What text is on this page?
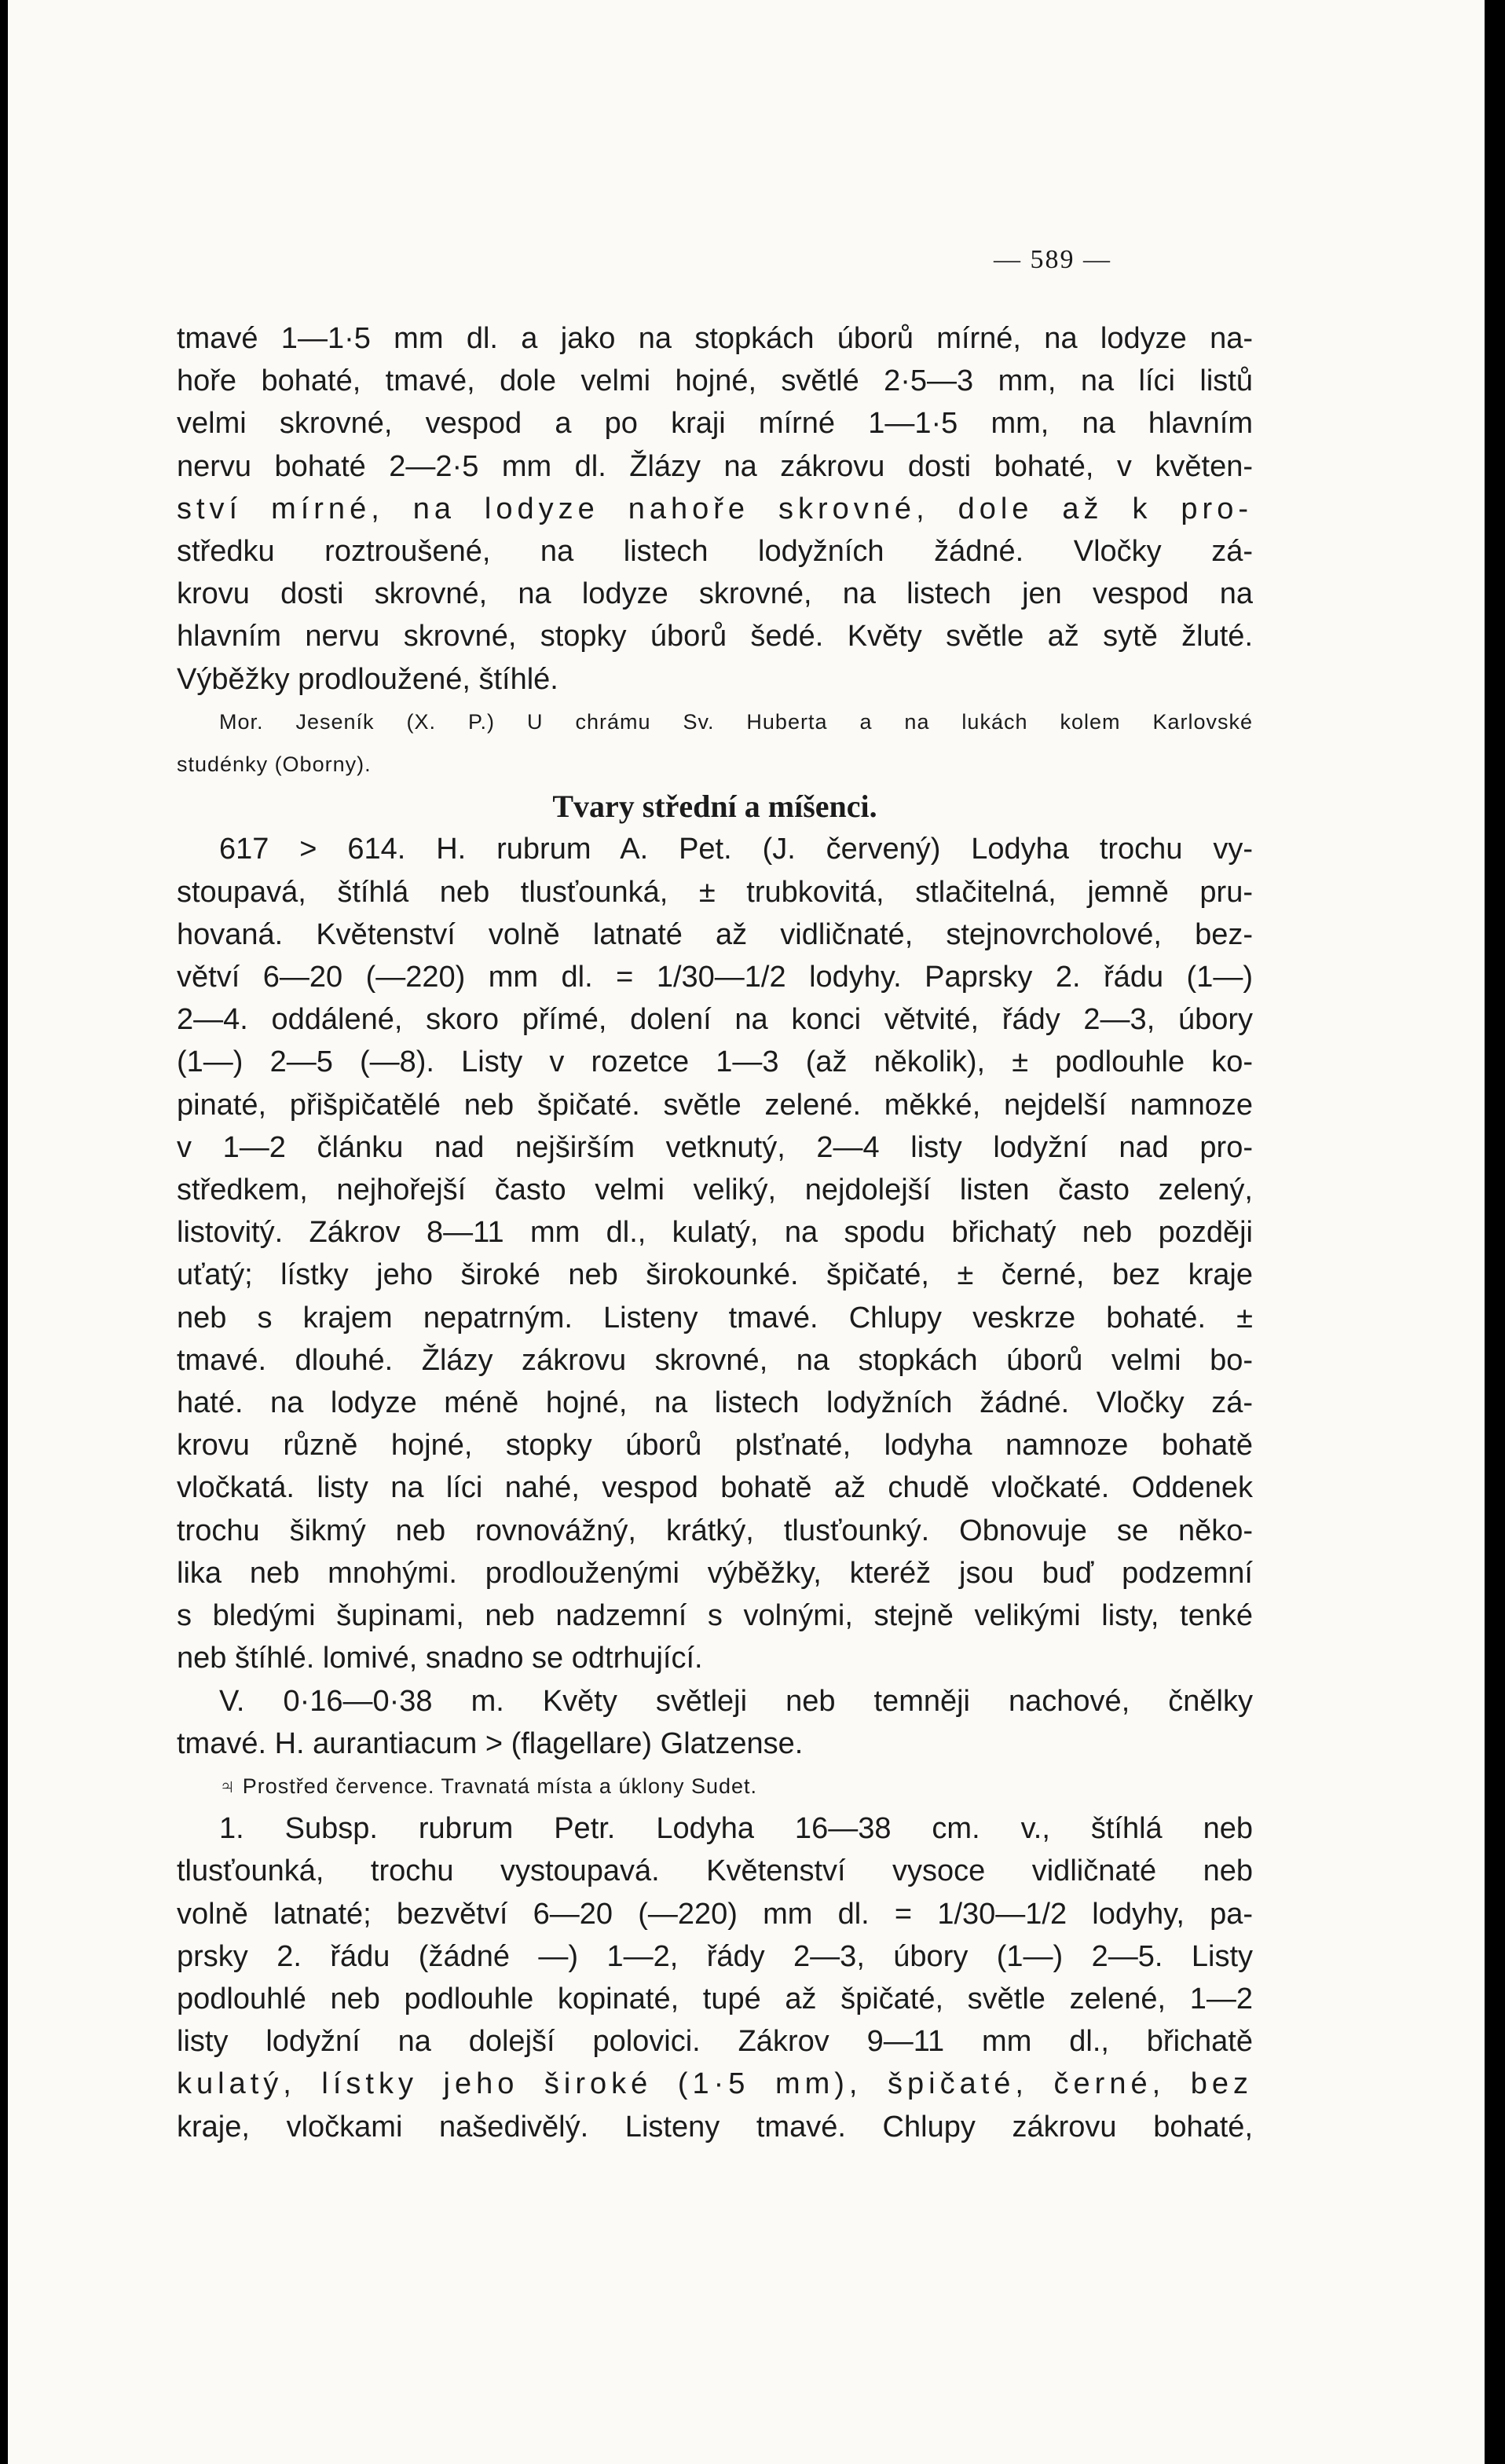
— 589 —
tmavé 1—1·5 mm dl. a jako na stopkách úborů mírné, na lodyze na-
hoře bohaté, tmavé, dole velmi hojné, světlé 2·5—3 mm, na líci listů
velmi skrovné, vespod a po kraji mírné 1—1·5 mm, na hlavním
nervu bohaté 2—2·5 mm dl. Žlázy na zákrovu dosti bohaté, v květen-
ství mírné, na lodyze nahoře skrovné, dole až k pro-
středku roztroušené, na listech lodyžních žádné. Vločky zá-
krovu dosti skrovné, na lodyze skrovné, na listech jen vespod na
hlavním nervu skrovné, stopky úborů šedé. Květy světle až sytě žluté.
Výběžky prodloužené, štíhlé.
Mor. Jeseník (X. P.) U chrámu Sv. Huberta a na lukách kolem Karlovské
studénky (Oborny).
Tvary střední a míšenci.
617 > 614. H. rubrum A. Pet. (J. červený) Lodyha trochu vy-
stoupavá, štíhlá neb tlusťounká, ± trubkovitá, stlačitelná, jemně pru-
hovaná. Květenství volně latnaté až vidličnaté, stejnovrcholové, bez-
větví 6—20 (—220) mm dl. = 1/30—1/2 lodyhy. Paprsky 2. řádu (1—)
2—4. oddálené, skoro přímé, dolení na konci větvité, řády 2—3, úbory
(1—) 2—5 (—8). Listy v rozetce 1—3 (až několik), ± podlouhle ko-
pinaté, přišpičatělé neb špičaté. světle zelené. měkké, nejdelší namnoze
v 1—2 článku nad nejširším vetknutý, 2—4 listy lodyžní nad pro-
středkem, nejhořejší často velmi veliký, nejdolejší listen často zelený,
listovitý. Zákrov 8—11 mm dl., kulatý, na spodu břichatý neb později
uťatý; lístky jeho široké neb širokounké. špičaté, ± černé, bez kraje
neb s krajem nepatrným. Listeny tmavé. Chlupy veskrze bohaté. ±
tmavé. dlouhé. Žlázy zákrovu skrovné, na stopkách úborů velmi bo-
haté. na lodyze méně hojné, na listech lodyžních žádné. Vločky zá-
krovu různě hojné, stopky úborů plsťnaté, lodyha namnoze bohatě
vločkatá. listy na líci nahé, vespod bohatě až chudě vločkaté. Oddenek
trochu šikmý neb rovnovážný, krátký, tlusťounký. Obnovuje se něko-
lika neb mnohými. prodlouženými výběžky, kteréž jsou buď podzemní
s bledými šupinami, neb nadzemní s volnými, stejně velikými listy, tenké
neb štíhlé. lomivé, snadno se odtrhující.
V. 0·16—0·38 m. Květy světleji neb temněji nachové, čnělky
tmavé. H. aurantiacum > (flagellare) Glatzense.
♃ Prostřed července. Travnatá místa a úklony Sudet.
1. Subsp. rubrum Petr. Lodyha 16—38 cm. v., štíhlá neb
tlusťounká, trochu vystoupavá. Květenství vysoce vidličnaté neb
volně latnaté; bezvětví 6—20 (—220) mm dl. = 1/30—1/2 lodyhy, pa-
prsky 2. řádu (žádné —) 1—2, řády 2—3, úbory (1—) 2—5. Listy
podlouhlé neb podlouhle kopinaté, tupé až špičaté, světle zelené, 1—2
listy lodyžní na dolejší polovici. Zákrov 9—11 mm dl., břichatě
kulatý, lístky jeho široké (1·5 mm), špičaté, černé, bez
kraje, vločkami našedivělý. Listeny tmavé. Chlupy zákrovu bohaté,
